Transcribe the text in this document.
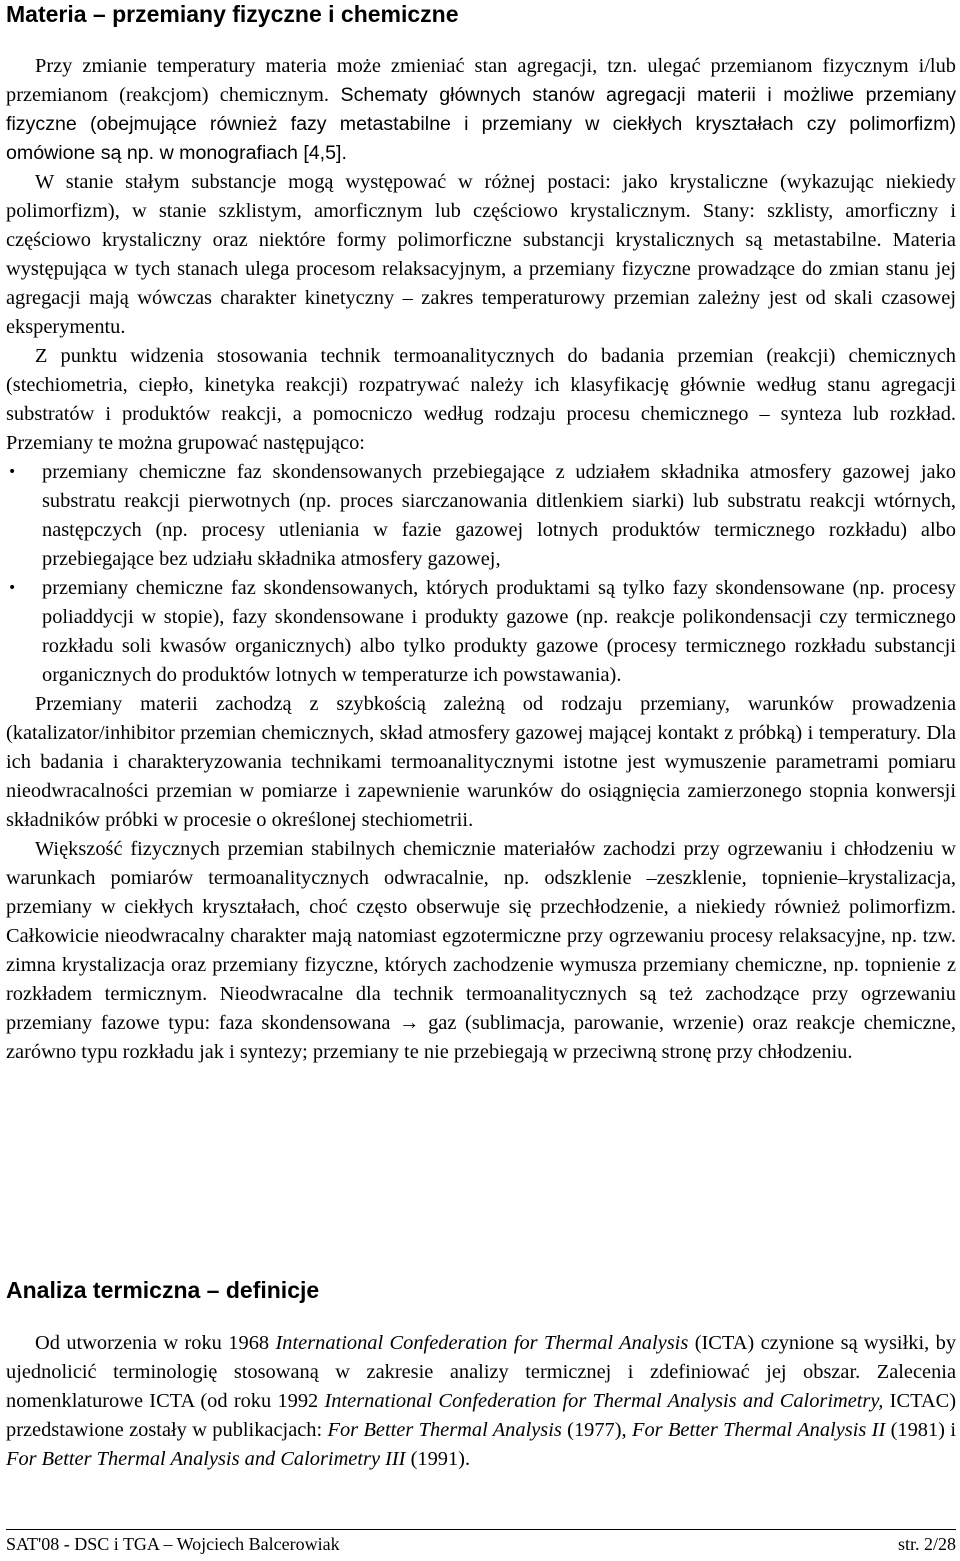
Materia – przemiany fizyczne i chemiczne

Przy zmianie temperatury materia może zmieniać stan agregacji, tzn. ulegać przemianom fizycznym i/lub przemianom (reakcjom) chemicznym. Schematy głównych stanów agregacji materii i możliwe przemiany fizyczne (obejmujące również fazy metastabilne i przemiany w ciekłych kryształach czy polimorfizm) omówione są np. w monografiach [4,5].

W stanie stałym substancje mogą występować w różnej postaci: jako krystaliczne (wykazując niekiedy polimorfizm), w stanie szklistym, amorficznym lub częściowo krystalicznym. Stany: szklisty, amorficzny i częściowo krystaliczny oraz niektóre formy polimorficzne substancji krystalicznych są metastabilne. Materia występująca w tych stanach ulega procesom relaksacyjnym, a przemiany fizyczne prowadzące do zmian stanu jej agregacji mają wówczas charakter kinetyczny – zakres temperaturowy przemian zależny jest od skali czasowej eksperymentu.

Z punktu widzenia stosowania technik termoanalitycznych do badania przemian (reakcji) chemicznych (stechiometria, ciepło, kinetyka reakcji) rozpatrywać należy ich klasyfikację głównie według stanu agregacji substratów i produktów reakcji, a pomocniczo według rodzaju procesu chemicznego – synteza lub rozkład. Przemiany te można grupować następująco:

•	przemiany chemiczne faz skondensowanych przebiegające z udziałem składnika atmosfery gazowej jako substratu reakcji pierwotnych (np. proces siarczanowania ditlenkiem siarki) lub substratu reakcji wtórnych, następczych (np. procesy utleniania w fazie gazowej lotnych produktów termicznego rozkładu) albo przebiegające bez udziału składnika atmosfery gazowej,
•	przemiany chemiczne faz skondensowanych, których produktami są tylko fazy skondensowane (np. procesy poliaddycji w stopie), fazy skondensowane i produkty gazowe (np. reakcje polikondensacji czy termicznego rozkładu soli kwasów organicznych) albo tylko produkty gazowe (procesy termicznego rozkładu substancji organicznych do produktów lotnych w temperaturze ich powstawania).

Przemiany materii zachodzą z szybkością zależną od rodzaju przemiany, warunków prowadzenia (katalizator/inhibitor przemian chemicznych, skład atmosfery gazowej mającej kontakt z próbką) i temperatury. Dla ich badania i charakteryzowania technikami termoanalitycznymi istotne jest wymuszenie parametrami pomiaru nieodwracalności przemian w pomiarze i zapewnienie warunków do osiągnięcia zamierzonego stopnia konwersji składników próbki w procesie o określonej stechiometrii.

Większość fizycznych przemian stabilnych chemicznie materiałów zachodzi przy ogrzewaniu i chłodzeniu w warunkach pomiarów termoanalitycznych odwracalnie, np. odszklenie –zeszklenie, topnienie–krystalizacja, przemiany w ciekłych kryształach, choć często obserwuje się przechłodzenie, a niekiedy również polimorfizm. Całkowicie nieodwracalny charakter mają natomiast egzotermiczne przy ogrzewaniu procesy relaksacyjne, np. tzw. zimna krystalizacja oraz przemiany fizyczne, których zachodzenie wymusza przemiany chemiczne, np. topnienie z rozkładem termicznym. Nieodwracalne dla technik termoanalitycznych są też zachodzące przy ogrzewaniu przemiany fazowe typu: faza skondensowana → gaz (sublimacja, parowanie, wrzenie) oraz reakcje chemiczne, zarówno typu rozkładu jak i syntezy; przemiany te nie przebiegają w przeciwną stronę przy chłodzeniu.

Analiza termiczna – definicje

Od utworzenia w roku 1968 International Confederation for Thermal Analysis (ICTA) czynione są wysiłki, by ujednolicić terminologię stosowaną w zakresie analizy termicznej i zdefiniować jej obszar. Zalecenia nomenklaturowe ICTA (od roku 1992 International Confederation for Thermal Analysis and Calorimetry, ICTAC) przedstawione zostały w publikacjach: For Better Thermal Analysis (1977), For Better Thermal Analysis II (1981) i For Better Thermal Analysis and Calorimetry III (1991).

SAT'08 - DSC i TGA – Wojciech Balcerowiak	str. 2/28
